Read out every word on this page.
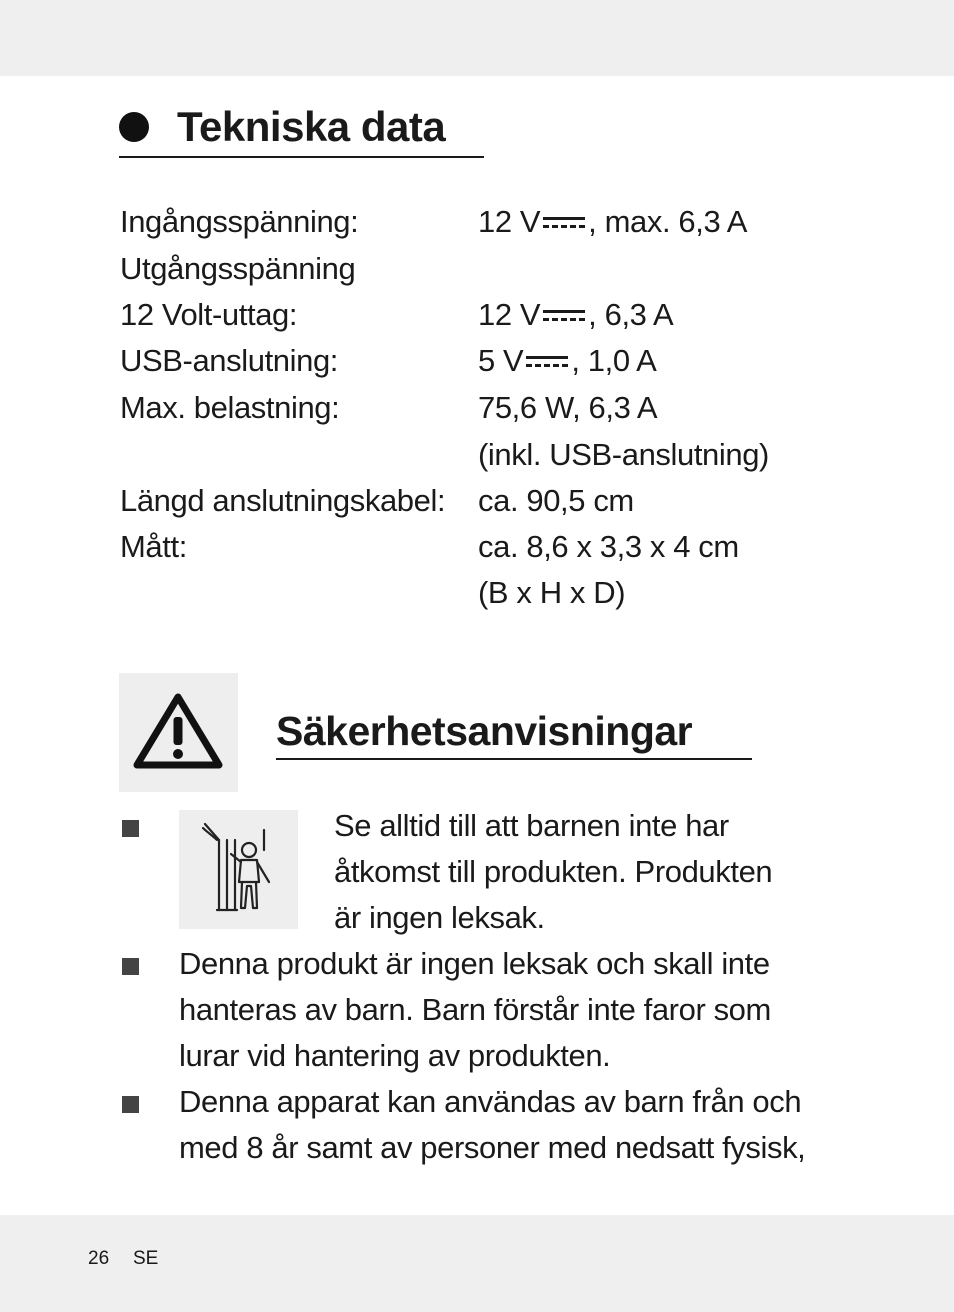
Tekniska data
Ingångsspänning:	12 V , max. 6,3 A
Utgångsspänning
12 Volt-uttag:	12 V , 6,3 A
USB-anslutning:	5 V , 1,0 A
Max. belastning:	75,6 W, 6,3 A
(inkl. USB-anslutning)
Längd anslutningskabel: ca. 90,5 cm
Mått:	ca. 8,6 x 3,3 x 4 cm
(B x H x D)
Säkerhetsanvisningar
Se alltid till att barnen inte har
åtkomst till produkten. Produkten
är ingen leksak.
Denna produkt är ingen leksak och skall inte
hanteras av barn. Barn förstår inte faror som
lurar vid hantering av produkten.
Denna apparat kan användas av barn från och
med 8 år samt av personer med nedsatt fysisk,
26 SE
